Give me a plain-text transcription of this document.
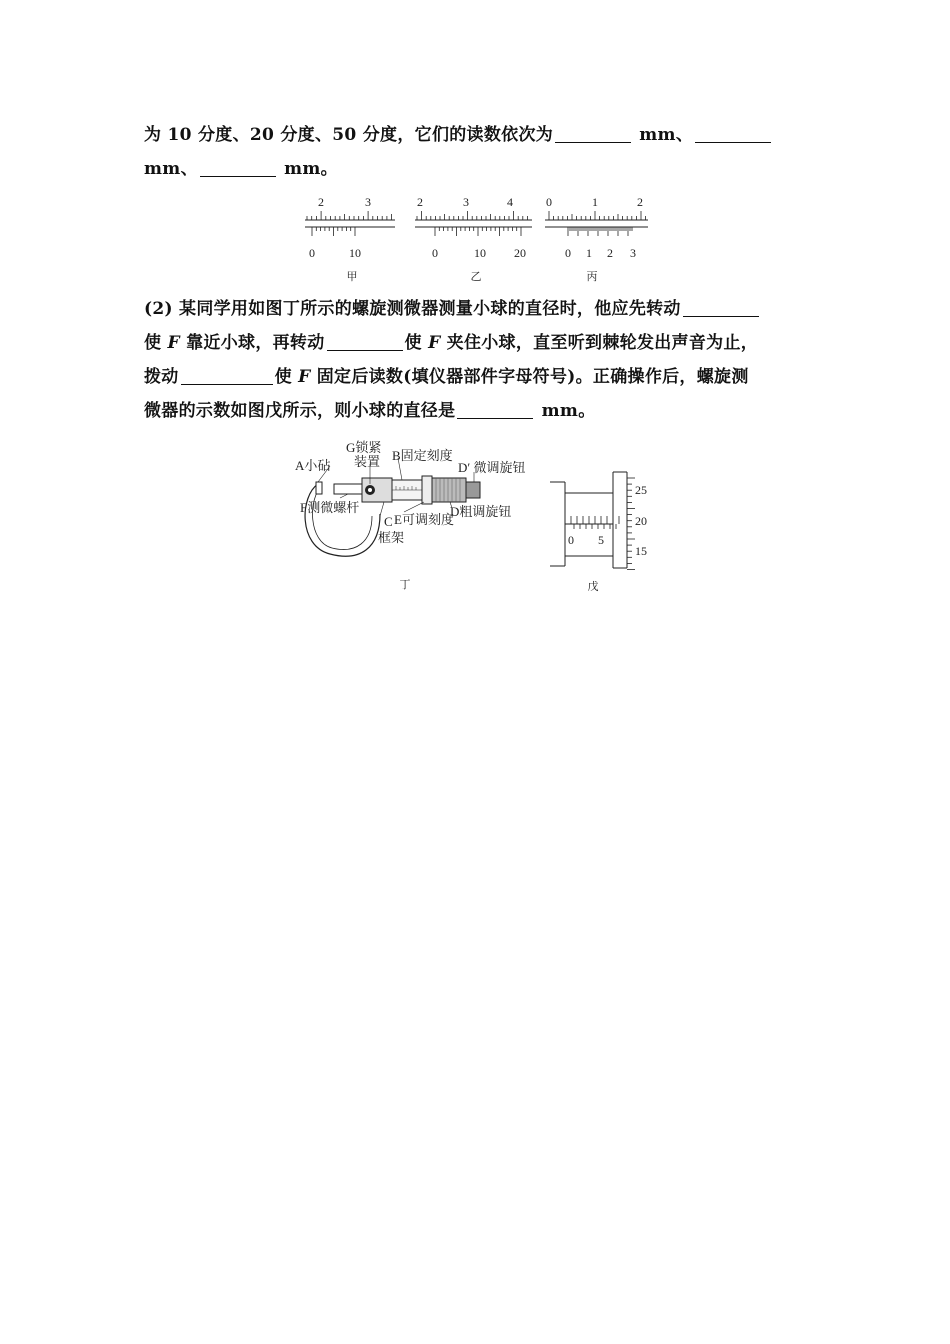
为 10 分度、20 分度、50 分度，它们的读数依次为	mm、
mm、	mm。
2	3
0	10
2	3	4
0	10 20
0	1	2
0 1 2 3
甲	乙	丙
(2) 某同学用如图丁所示的螺旋测微器测量小球的直径时，他应先转动
使 F 靠近小球，再转动	使 F 夹住小球，直至听到棘轮发出声音为止，
拨动	使 F 固定后读数(填仪器部件字母符号)。正确操作后，螺旋测
微器的示数如图戊所示，则小球的直径是	mm。
A小砧
G锁紧
装置 B固定刻度
D′ 微调旋钮
F测微螺杆
C
框架
E可调刻度
D粗调旋钮
丁
25
20
15
0 5
戊
